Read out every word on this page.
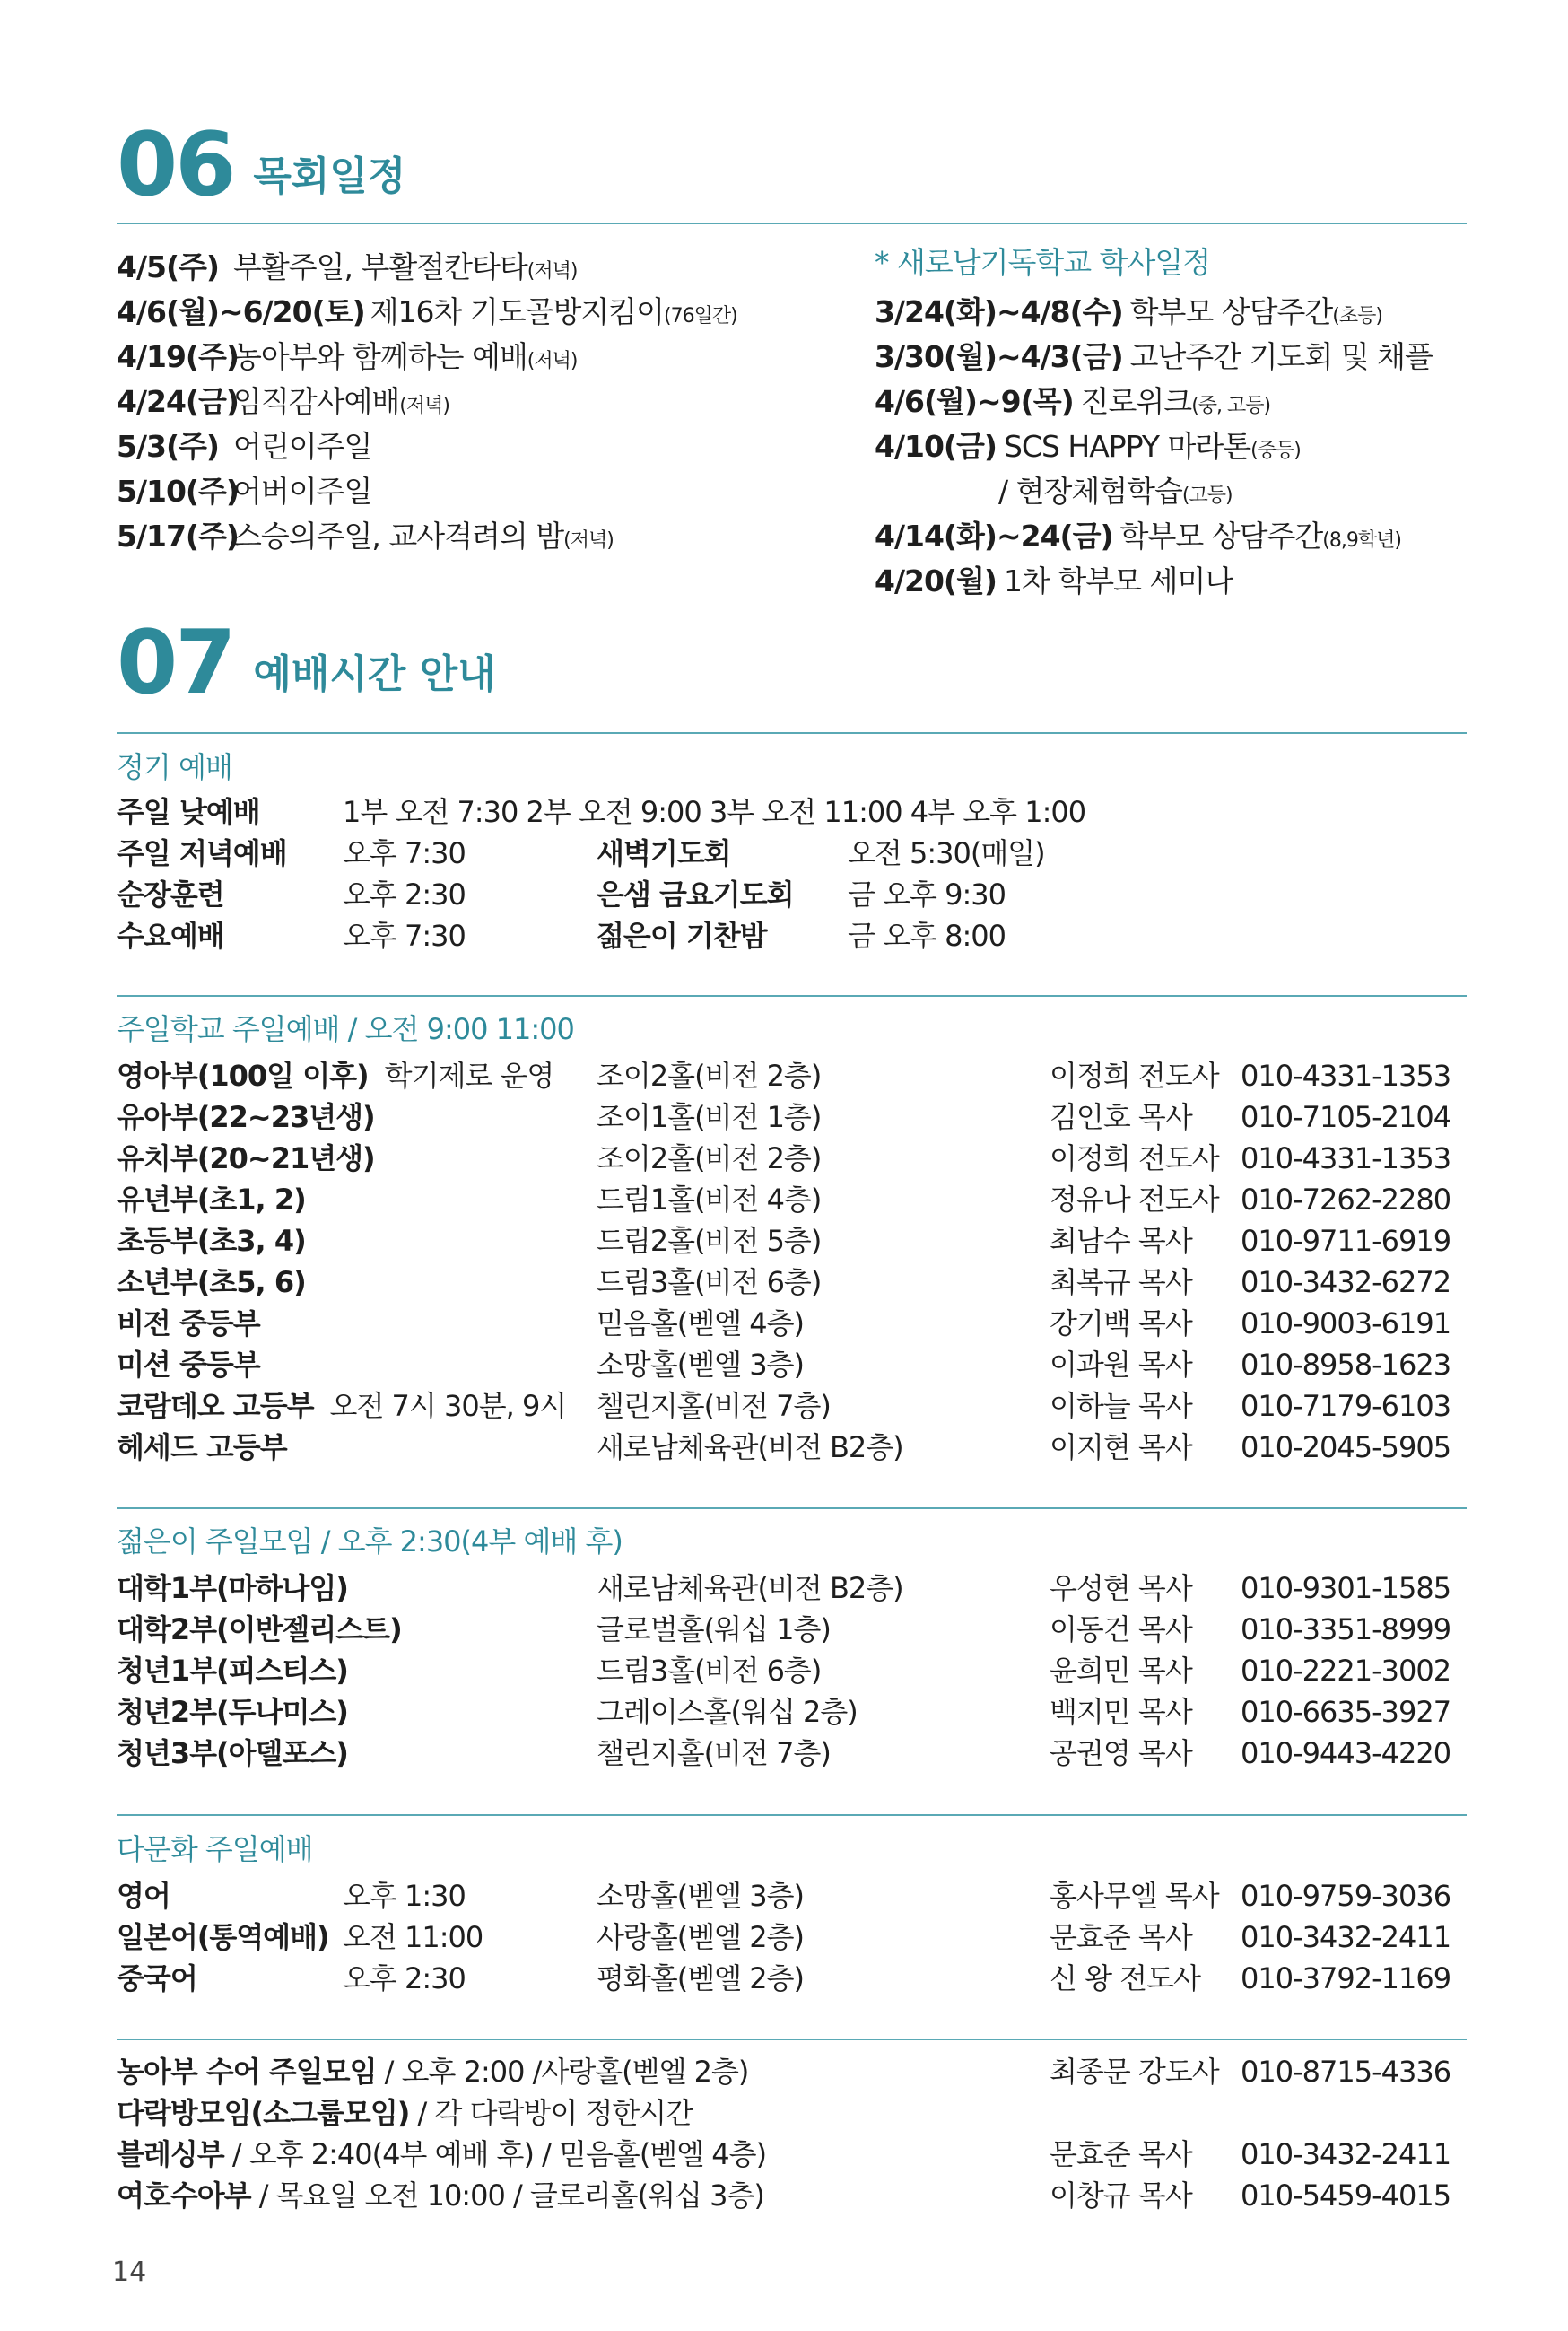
06 목회일정
4/5(주) 부활주일, 부활절칸타타(저녁)
4/6(월)~6/20(토) 제16차 기도골방지킴이(76일간)
4/19(주)농아부와 함께하는 예배(저녁)
4/24(금)임직감사예배(저녁)
5/3(주) 어린이주일
5/10(주)어버이주일
5/17(주)스승의주일, 교사격려의 밤(저녁)
* 새로남기독학교 학사일정
3/24(화)~4/8(수) 학부모 상담주간(초등)
3/30(월)~4/3(금) 고난주간 기도회 및 채플
4/6(월)~9(목) 진로위크(중, 고등)
4/10(금) SCS HAPPY 마라톤(중등)
/ 현장체험학습(고등)
4/14(화)~24(금) 학부모 상담주간(8,9학년)
4/20(월) 1차 학부모 세미나
07 예배시간 안내
정기 예배
주일 낮예배	1부 오전 7:30 2부 오전 9:00 3부 오전 11:00 4부 오후 1:00
주일 저녁예배 오후 7:30	새벽기도회	오전 5:30(매일)
순장훈련	오후 2:30	은샘 금요기도회 금 오후 9:30
수요예배	오후 7:30	젊은이 기찬밤	금 오후 8:00
주일학교 주일예배 / 오전 9:00 11:00
영아부(100일 이후) 학기제로 운영 조이2홀(비전 2층)	이정희 전도사 010-4331-1353
유아부(22~23년생)	조이1홀(비전 1층)	김인호 목사 010-7105-2104
유치부(20~21년생)	조이2홀(비전 2층)	이정희 전도사 010-4331-1353
유년부(초1, 2)	드림1홀(비전 4층)	정유나 전도사 010-7262-2280
초등부(초3, 4)	드림2홀(비전 5층)	최남수 목사 010-9711-6919
소년부(초5, 6)	드림3홀(비전 6층)	최복규 목사 010-3432-6272
비전 중등부	믿음홀(벧엘 4층)	강기백 목사 010-9003-6191
미션 중등부	소망홀(벧엘 3층)	이과원 목사 010-8958-1623
코람데오 고등부 오전 7시 30분, 9시 챌린지홀(비전 7층)	이하늘 목사 010-7179-6103
헤세드 고등부	새로남체육관(비전 B2층)	이지현 목사 010-2045-5905
젊은이 주일모임 / 오후 2:30(4부 예배 후)
대학1부(마하나임)	새로남체육관(비전 B2층)	우성현 목사 010-9301-1585
대학2부(이반젤리스트)	글로벌홀(워십 1층)	이동건 목사 010-3351-8999
청년1부(피스티스)	드림3홀(비전 6층)	윤희민 목사 010-2221-3002
청년2부(두나미스)	그레이스홀(워십 2층)	백지민 목사 010-6635-3927
청년3부(아델포스)	챌린지홀(비전 7층)	공권영 목사 010-9443-4220
다문화 주일예배
영어	오후 1:30	소망홀(벧엘 3층)	홍사무엘 목사 010-9759-3036
일본어(통역예배) 오전 11:00	사랑홀(벧엘 2층)	문효준 목사 010-3432-2411
중국어	오후 2:30	평화홀(벧엘 2층)	신 왕 전도사 010-3792-1169
농아부 수어 주일모임 / 오후 2:00 /사랑홀(벧엘 2층)	최종문 강도사 010-8715-4336
다락방모임(소그룹모임) / 각 다락방이 정한시간
블레싱부 / 오후 2:40(4부 예배 후) / 믿음홀(벧엘 4층)	문효준 목사 010-3432-2411
여호수아부 / 목요일 오전 10:00 / 글로리홀(워십 3층)	이창규 목사 010-5459-4015
14
